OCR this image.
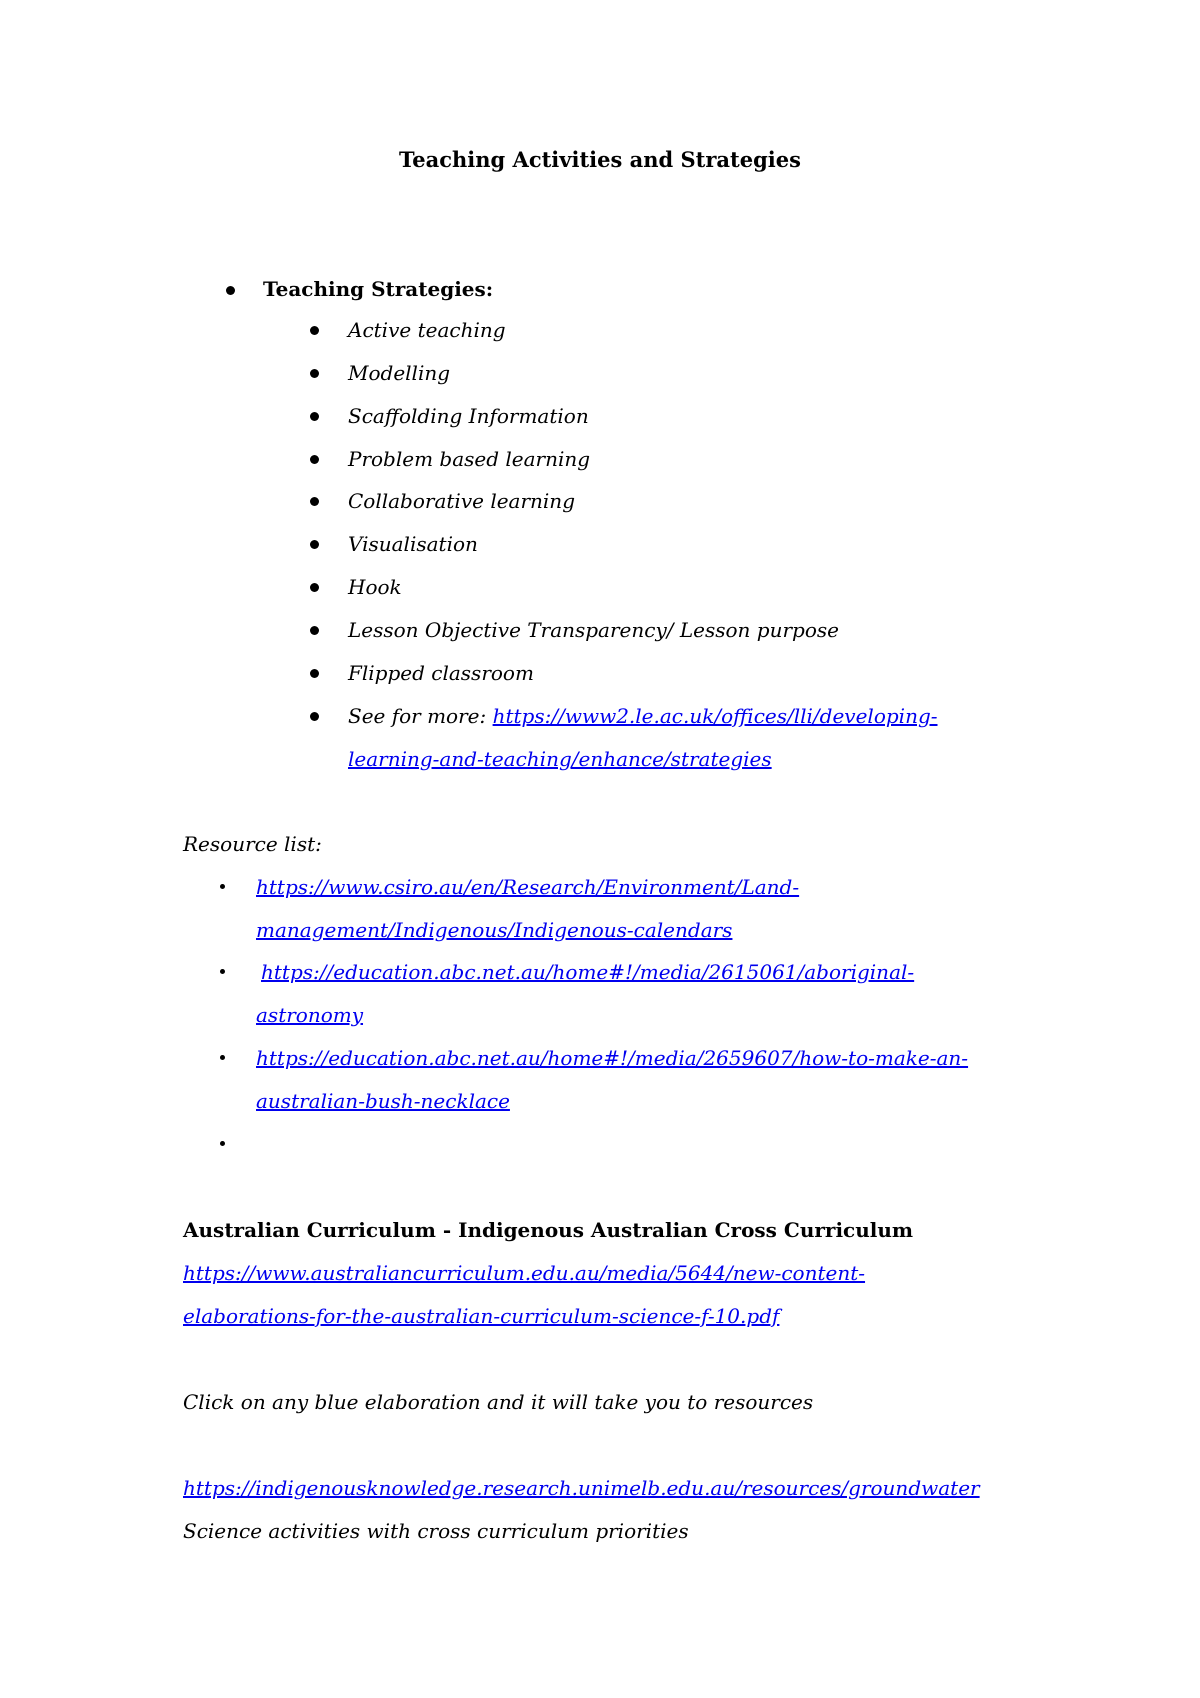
Teaching Activities and Strategies
Teaching Strategies:
Active teaching
Modelling
Scaffolding Information
Problem based learning
Collaborative learning
Visualisation
Hook
Lesson Objective Transparency/ Lesson purpose
Flipped classroom
See for more: https://www2.le.ac.uk/offices/lli/developing-
learning-and-teaching/enhance/strategies
Resource list:
https://www.csiro.au/en/Research/Environment/Land-
management/Indigenous/Indigenous-calendars
https://education.abc.net.au/home#!/media/2615061/aboriginal-
astronomy
https://education.abc.net.au/home#!/media/2659607/how-to-make-an-
australian-bush-necklace
Australian Curriculum - Indigenous Australian Cross Curriculum
https://www.australiancurriculum.edu.au/media/5644/new-content-
elaborations-for-the-australian-curriculum-science-f-10.pdf
Click on any blue elaboration and it will take you to resources
https://indigenousknowledge.research.unimelb.edu.au/resources/groundwater
Science activities with cross curriculum priorities
